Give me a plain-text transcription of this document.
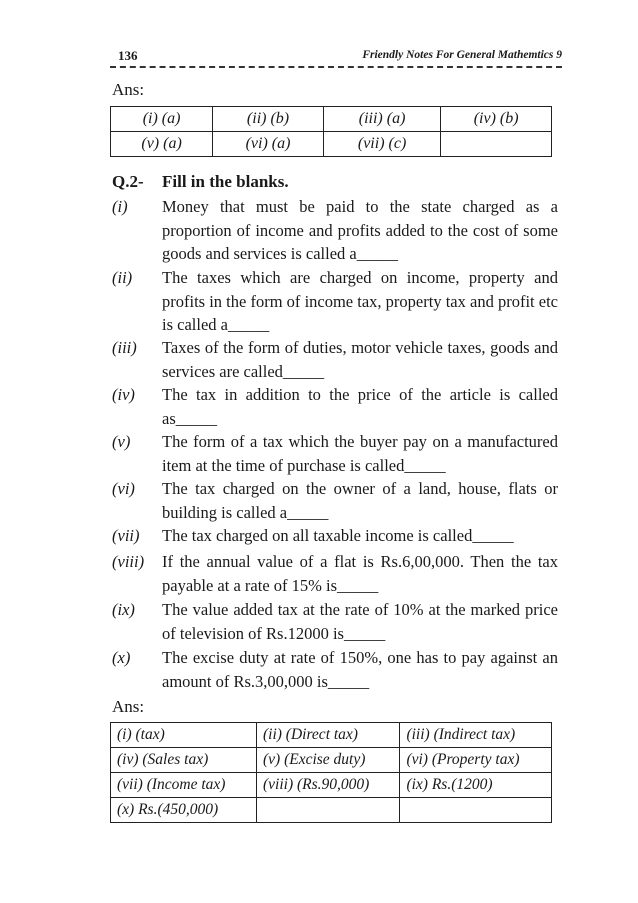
136	Friendly Notes For General Mathemtics 9
Ans:
(i) (a)	(ii) (b)	(iii) (a)	(iv) (b)
(v) (a)	(vi) (a)	(vii) (c)	
Q.2- Fill in the blanks.
(i) Money that must be paid to the state charged as a proportion of income and profits added to the cost of some goods and services is called a_____
(ii) The taxes which are charged on income, property and profits in the form of income tax, property tax and profit etc is called a_____
(iii) Taxes of the form of duties, motor vehicle taxes, goods and services are called_____
(iv) The tax in addition to the price of the article is called as_____
(v) The form of a tax which the buyer pay on a manufactured item at the time of purchase is called_____
(vi) The tax charged on the owner of a land, house, flats or building is called a_____
(vii) The tax charged on all taxable income is called_____
(viii) If the annual value of a flat is Rs.6,00,000. Then the tax payable at a rate of 15% is_____
(ix) The value added tax at the rate of 10% at the marked price of television of Rs.12000 is_____
(x) The excise duty at rate of 150%, one has to pay against an amount of Rs.3,00,000 is_____
Ans:
(i) (tax)	(ii) (Direct tax)	(iii) (Indirect tax)
(iv) (Sales tax)	(v) (Excise duty)	(vi) (Property tax)
(vii) (Income tax)	(viii) (Rs.90,000)	(ix) Rs.(1200)
(x) Rs.(450,000)		
